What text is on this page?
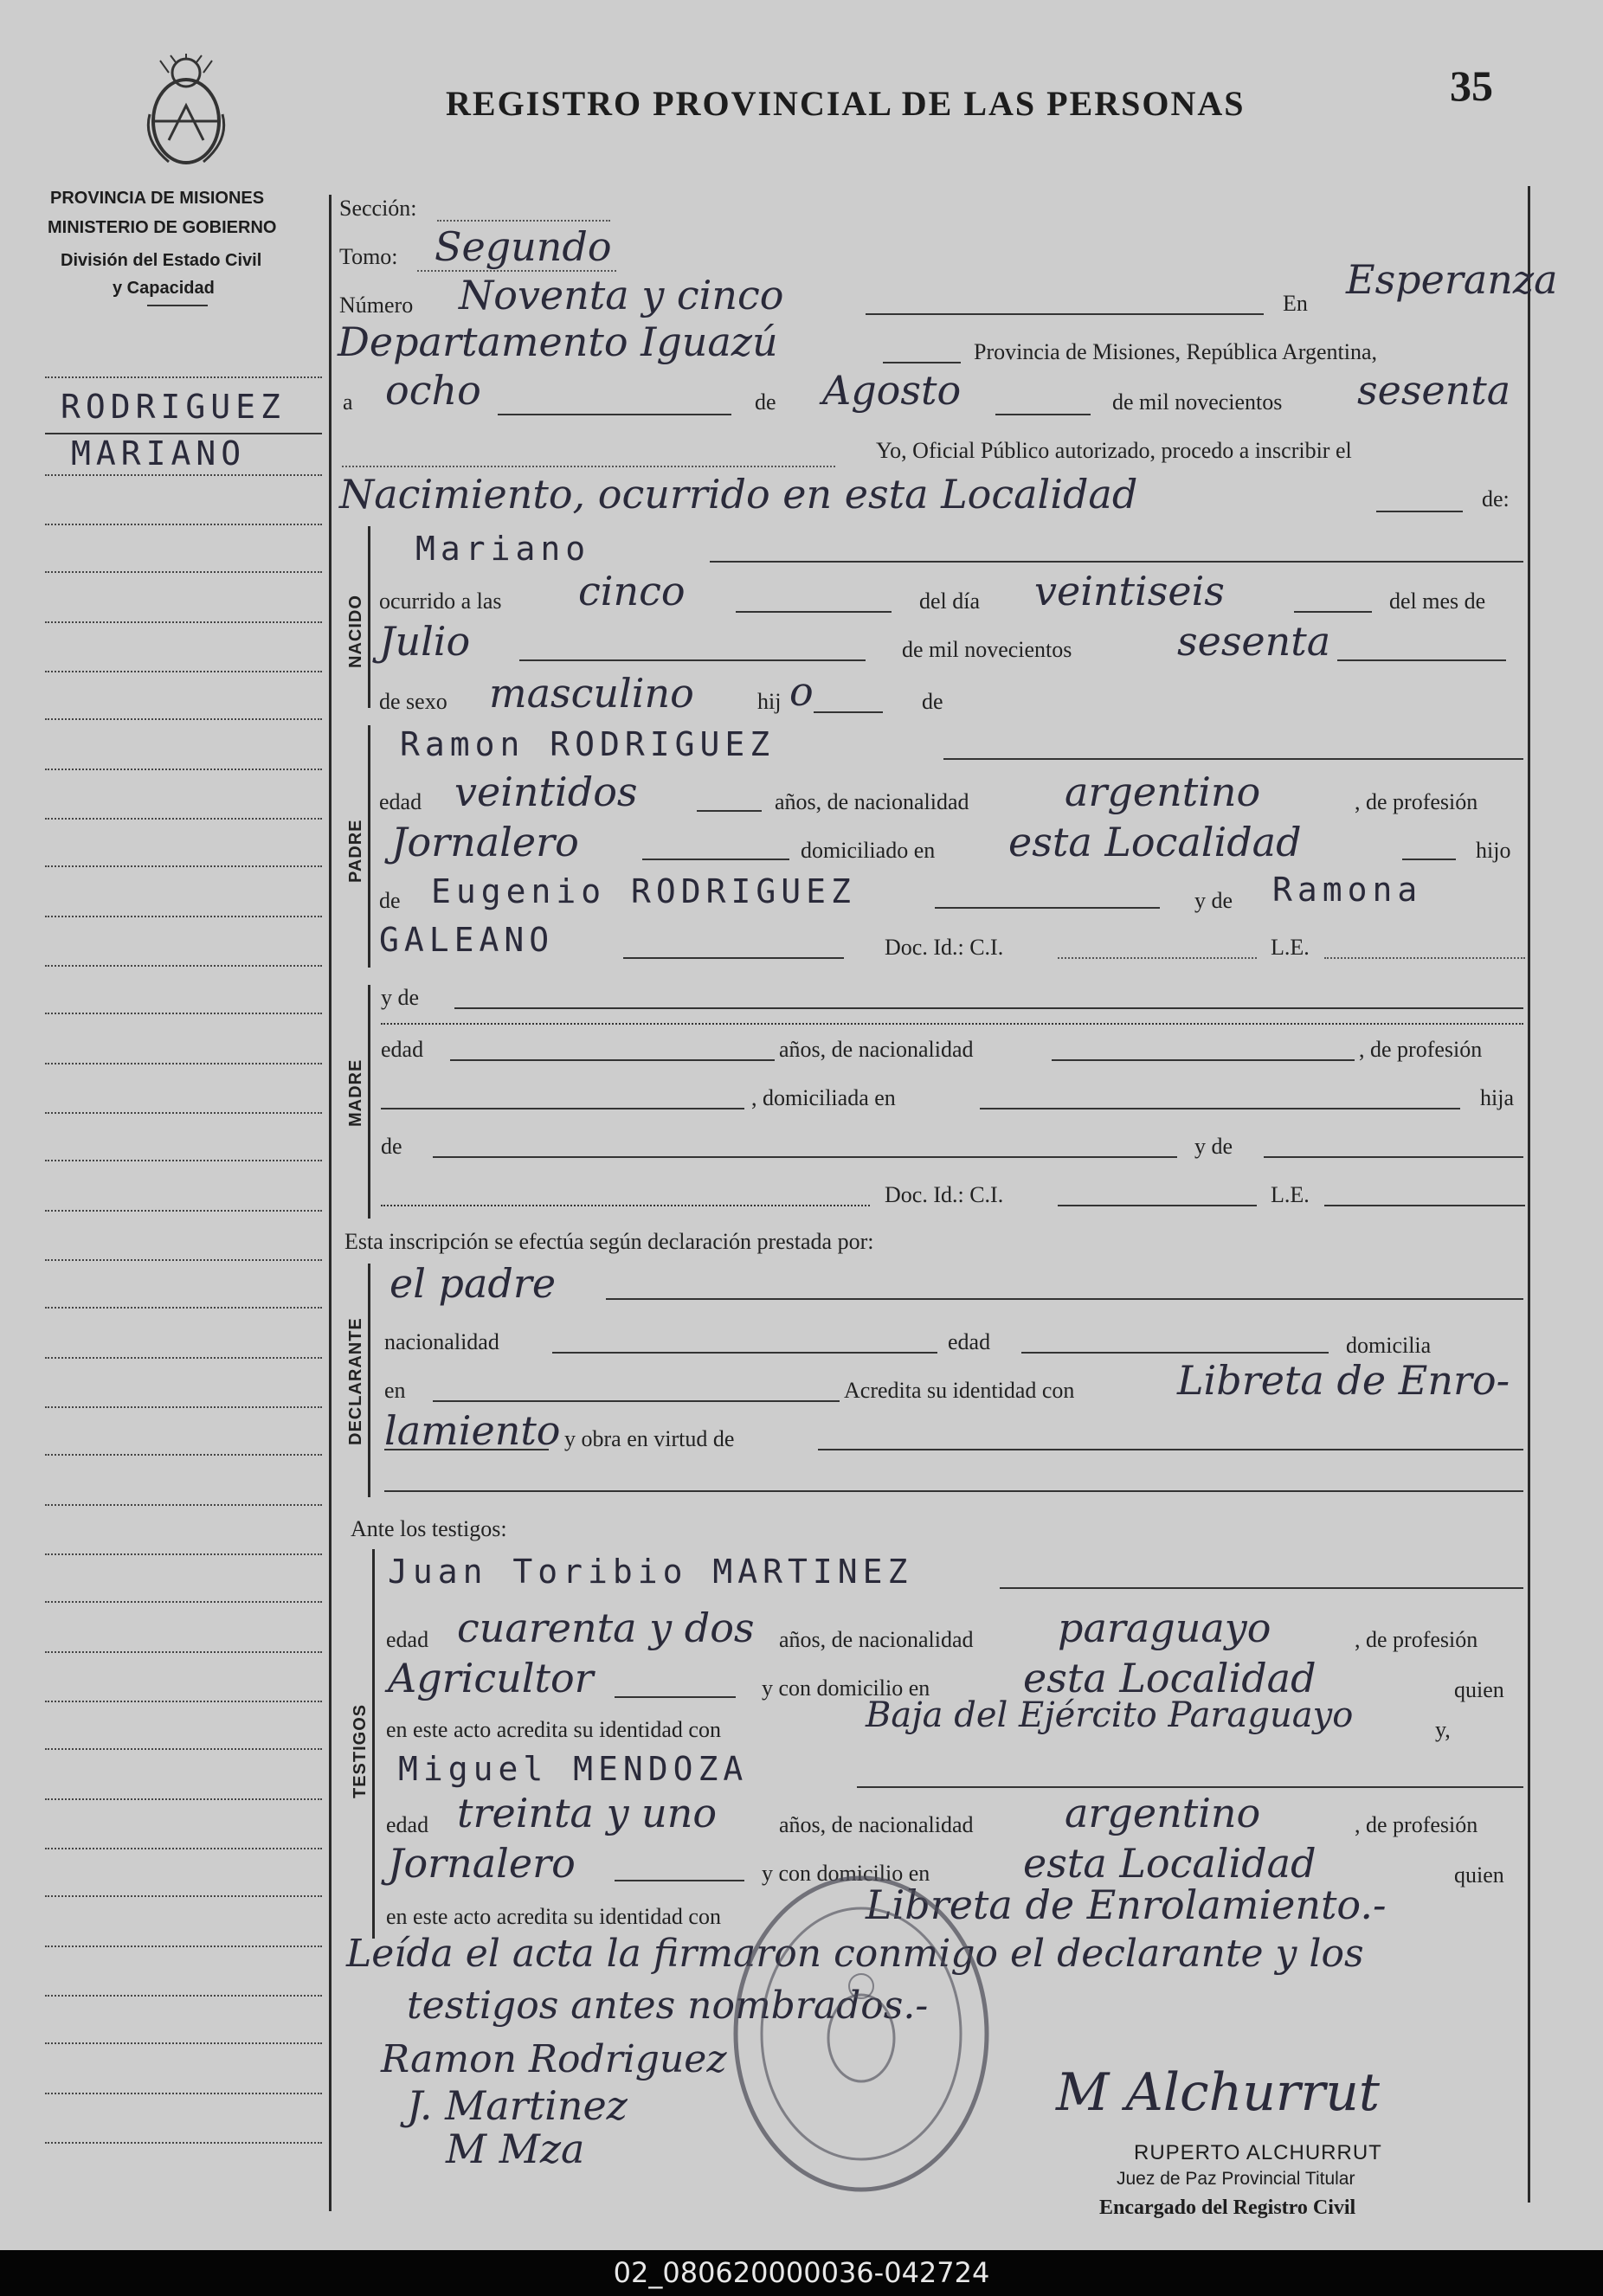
REGISTRO PROVINCIAL DE LAS PERSONAS	35
PROVINCIA DE MISIONES
MINISTERIO DE GOBIERNO
División del Estado Civil
y Capacidad
RODRIGUEZ
MARIANO
Sección:
Tomo: Segundo
Número Noventa y cinco	En
Esperanza
Departamento Iguazú	Provincia de Misiones, República Argentina,
a ocho	de Agosto	de mil novecientos sesenta
Yo, Oficial Público autorizado, procedo a inscribir el
Nacimiento, ocurrido en esta Localidad	de:
NACIDO
Mariano
ocurrido a las cinco	del día veintiseis	del mes de
Julio	de mil novecientos	sesenta
de sexo masculino	hij o	de
PADRE
Ramon RODRIGUEZ
edad veintidos	años, de nacionalidad argentino	, de profesión
Jornalero	domiciliado en esta Localidad	hijo
de Eugenio RODRIGUEZ	y de Ramona
GALEANO	Doc. Id.: C.I.	L.E.
MADRE
y de
edad	años, de nacionalidad	, de profesión
, domiciliada en	hija
de	y de
Doc. Id.: C.I.	L.E.
Esta inscripción se efectúa según declaración prestada por:
DECLARANTE
el padre
nacionalidad	edad	domicilia
en	Acredita su identidad con	Libreta de Enro-
lamiento y obra en virtud de
Ante los testigos:
TESTIGOS
Juan Toribio MARTINEZ
edad cuarenta y dos años, de nacionalidad paraguayo	, de profesión
Agricultor	y con domicilio en esta Localidad	quien
en este acto acredita su identidad con	Baja del Ejército Paraguayo	y,
Miguel MENDOZA
edad treinta y uno	años, de nacionalidad argentino	, de profesión
Jornalero	y con domicilio en esta Localidad	quien
en este acto acredita su identidad con	Libreta de Enrolamiento.-
Leída el acta la firmaron conmigo el declarante y los
testigos antes nombrados.-
Ramon Rodriguez
J. Martinez
M Mza
M Alchurrut
RUPERTO ALCHURRUT
Juez de Paz Provincial Titular
Encargado del Registro Civil
02_080620000036-042724
